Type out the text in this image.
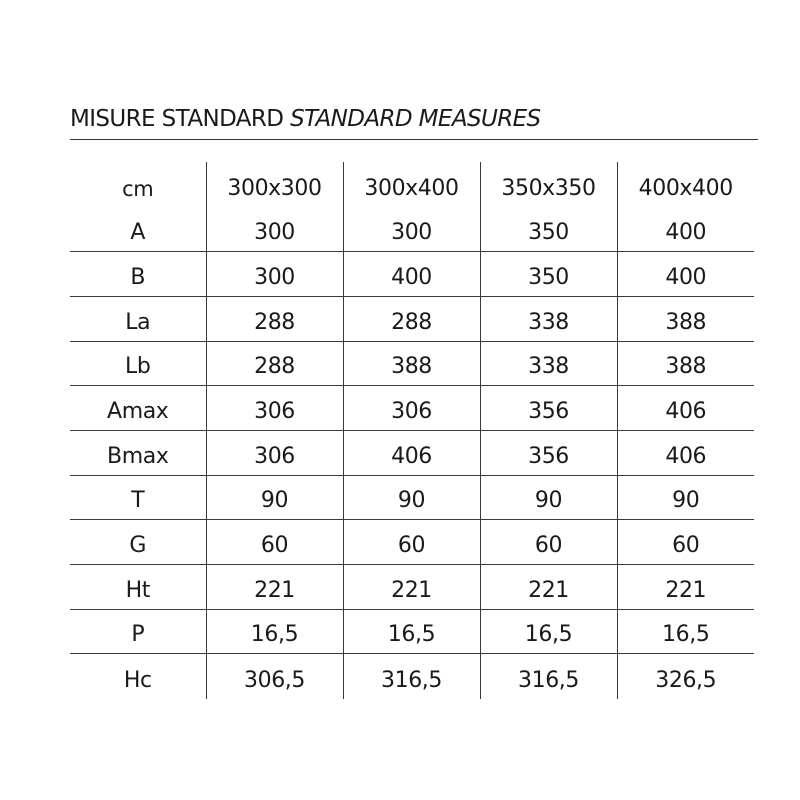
MISURE STANDARD STANDARD MEASURES
cm	300x300	300x400	350x350	400x400
A	300	300	350	400
B	300	400	350	400
La	288	288	338	388
Lb	288	388	338	388
Amax	306	306	356	406
Bmax	306	406	356	406
T	90	90	90	90
G	60	60	60	60
Ht	221	221	221	221
P	16,5	16,5	16,5	16,5
Hc	306,5	316,5	316,5	326,5
